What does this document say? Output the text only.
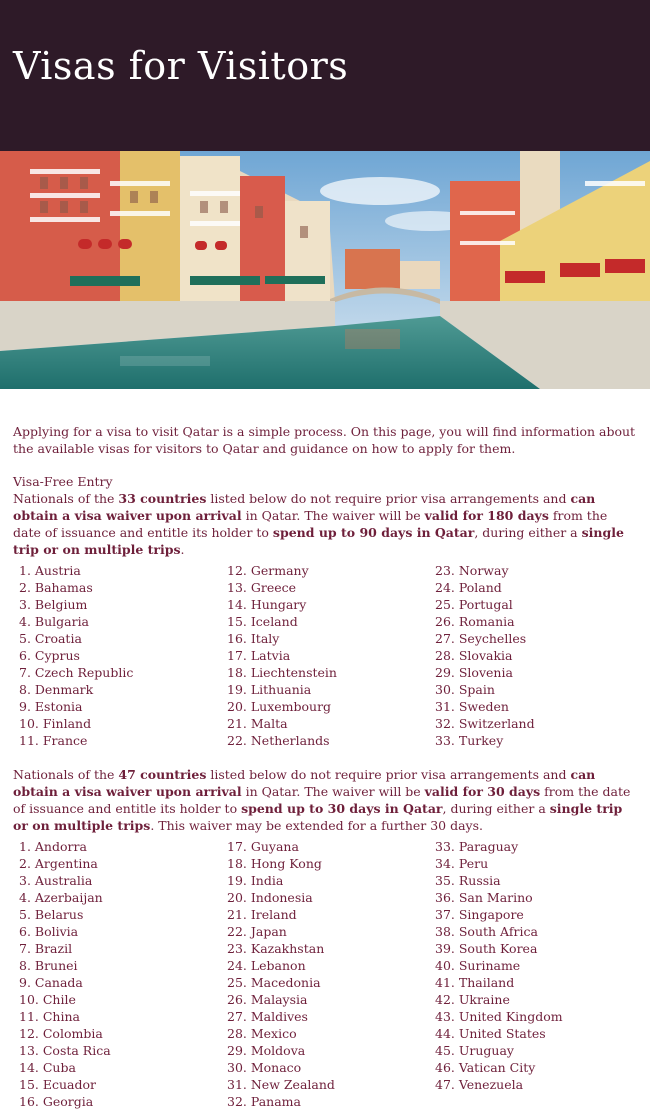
Visas for Visitors

Applying for a visa to visit Qatar is a simple process. On this page, you will find information about the available visas for visitors to Qatar and guidance on how to apply for them.

Visa-Free Entry

Nationals of the 33 countries listed below do not require prior visa arrangements and can obtain a visa waiver upon arrival in Qatar. The waiver will be valid for 180 days from the date of issuance and entitle its holder to spend up to 90 days in Qatar, during either a single trip or on multiple trips.

1. Austria
2. Bahamas
3. Belgium
4. Bulgaria
5. Croatia
6. Cyprus
7. Czech Republic
8. Denmark
9. Estonia
10. Finland
11. France
12. Germany
13. Greece
14. Hungary
15. Iceland
16. Italy
17. Latvia
18. Liechtenstein
19. Lithuania
20. Luxembourg
21. Malta
22. Netherlands
23. Norway
24. Poland
25. Portugal
26. Romania
27. Seychelles
28. Slovakia
29. Slovenia
30. Spain
31. Sweden
32. Switzerland
33. Turkey

Nationals of the 47 countries listed below do not require prior visa arrangements and can obtain a visa waiver upon arrival in Qatar. The waiver will be valid for 30 days from the date of issuance and entitle its holder to spend up to 30 days in Qatar, during either a single trip or on multiple trips. This waiver may be extended for a further 30 days.

1. Andorra
2. Argentina
3. Australia
4. Azerbaijan
5. Belarus
6. Bolivia
7. Brazil
8. Brunei
9. Canada
10. Chile
11. China
12. Colombia
13. Costa Rica
14. Cuba
15. Ecuador
16. Georgia
17. Guyana
18. Hong Kong
19. India
20. Indonesia
21. Ireland
22. Japan
23. Kazakhstan
24. Lebanon
25. Macedonia
26. Malaysia
27. Maldives
28. Mexico
29. Moldova
30. Monaco
31. New Zealand
32. Panama
33. Paraguay
34. Peru
35. Russia
36. San Marino
37. Singapore
38. South Africa
39. South Korea
40. Suriname
41. Thailand
42. Ukraine
43. United Kingdom
44. United States
45. Uruguay
46. Vatican City
47. Venezuela
